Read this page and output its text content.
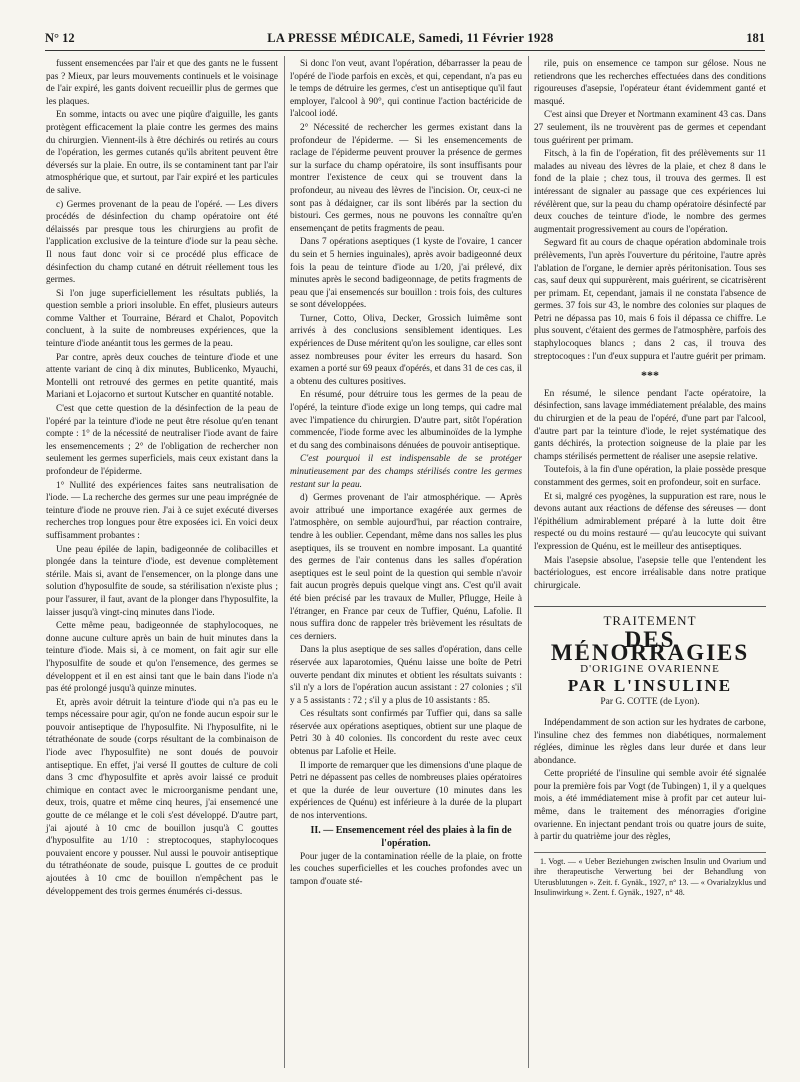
N° 12	LA PRESSE MÉDICALE, Samedi, 11 Février 1928	181

fussent ensemencées par l'air et que des gants ne le fussent pas ? Mieux, par leurs mouvements continuels et le voisinage de l'air expiré, les gants doivent recueillir plus de germes que les plaques.

En somme, intacts ou avec une piqûre d'aiguille, les gants protègent efficacement la plaie contre les germes des mains du chirurgien. Viennent-ils à être déchirés ou retirés au cours de l'opération, les germes cutanés qu'ils abritent peuvent être déversés sur la plaie. En outre, ils se contaminent tant par l'air atmosphérique que, et surtout, par l'air expiré et les particules de salive.

c) Germes provenant de la peau de l'opéré. — Les divers procédés de désinfection du champ opératoire ont été délaissés par presque tous les chirurgiens au profit de l'application exclusive de la teinture d'iode sur la peau sèche. Il nous faut donc voir si ce procédé plus efficace de désinfection du champ cutané en détruit réellement tous les germes.

Si l'on juge superficiellement les résultats publiés, la question semble a priori insoluble. En effet, plusieurs auteurs comme Valther et Tourraine, Bérard et Chalot, Popovitch concluent, à la suite de nombreuses expériences, que la teinture d'iode anéantit tous les germes de la peau.

Par contre, après deux couches de teinture d'iode et une attente variant de cinq à dix minutes, Bublicenko, Myauchi, Montelli ont retrouvé des germes en petite quantité, mais Mariani et Lojacorno et surtout Kutscher en quantité notable.

C'est que cette question de la désinfection de la peau de l'opéré par la teinture d'iode ne peut être résolue qu'en tenant compte : 1° de la nécessité de neutraliser l'iode avant de faire les ensemencements ; 2° de l'obligation de rechercher non seulement les germes superficiels, mais ceux existant dans la profondeur de l'épiderme.

1° Nullité des expériences faites sans neutralisation de l'iode. — La recherche des germes sur une peau imprégnée de teinture d'iode ne prouve rien. J'ai à ce sujet exécuté diverses recherches trop longues pour être exposées ici. En voici deux suffisamment probantes :

Une peau épilée de lapin, badigeonnée de colibacilles et plongée dans la teinture d'iode, est devenue complètement stérile. Mais si, avant de l'ensemencer, on la plonge dans une solution d'hyposulfite de soude, sa stérilisation n'existe plus ; pour l'assurer, il faut, avant de la plonger dans l'hyposulfite, la laisser jusqu'à vingt-cinq minutes dans l'iode.

Cette même peau, badigeonnée de staphylocoques, ne donne aucune culture après un bain de huit minutes dans la teinture d'iode. Mais si, à ce moment, on fait agir sur elle l'hyposulfite de soude et qu'on l'ensemence, des germes se développent et il en est ainsi tant que le bain dans l'iode n'a pas été prolongé jusqu'à quinze minutes.

Et, après avoir détruit la teinture d'iode qui n'a pas eu le temps nécessaire pour agir, qu'on ne fonde aucun espoir sur le pouvoir antiseptique de l'hyposulfite. Ni l'hyposulfite, ni le tétrathéonate de soude (corps résultant de la combinaison de l'iode avec l'hyposulfite) ne sont doués de pouvoir antiseptique. En effet, j'ai versé II gouttes de culture de coli dans 3 cmc d'hyposulfite et après avoir laissé ce produit chimique en contact avec le microorganisme pendant une, deux, trois, quatre et même cinq heures, j'ai ensemencé une goutte de ce mélange et le coli s'est développé. D'autre part, j'ai ajouté à 10 cmc de bouillon jusqu'à C gouttes d'hyposulfite au 1/10 : streptocoques, staphylocoques pouvaient encore y pousser. Nul aussi le pouvoir antiseptique du tétrathéonate de soude, puisque L gouttes de ce produit ajoutées à 10 cmc de bouillon n'empêchent pas le développement des trois germes énumérés ci-dessus.

Si donc l'on veut, avant l'opération, débarrasser la peau de l'opéré de l'iode parfois en excès, et qui, cependant, n'a pas eu le temps de détruire les germes, c'est un antiseptique qu'il faut employer, l'alcool à 90°, qui continue l'action bactéricide de l'alcool iodé.

2° Nécessité de rechercher les germes existant dans la profondeur de l'épiderme. — Si les ensemencements de raclage de l'épiderme peuvent prouver la présence de germes sur la surface du champ opératoire, ils sont insuffisants pour montrer l'existence de ceux qui se trouvent dans la profondeur, au niveau des lèvres de l'incision. Or, ceux-ci ne sont pas à dédaigner, car ils sont libérés par la section du bistouri. Ces germes, nous ne pouvons les connaître qu'en ensemençant de petits fragments de peau.

Dans 7 opérations aseptiques (1 kyste de l'ovaire, 1 cancer du sein et 5 hernies inguinales), après avoir badigeonné deux fois la peau de teinture d'iode au 1/20, j'ai prélevé, dix minutes après le second badigeonnage, de petits fragments de peau que j'ai ensemencés sur bouillon : trois fois, des cultures se sont développées.

Turner, Cotto, Oliva, Decker, Grossich luimême sont arrivés à des conclusions sensiblement identiques. Les expériences de Duse méritent qu'on les souligne, car elles sont assez nombreuses pour éviter les erreurs du hasard. Son examen a porté sur 69 peaux d'opérés, et dans 31 de ces cas, il a obtenu des cultures positives.

En résumé, pour détruire tous les germes de la peau de l'opéré, la teinture d'iode exige un long temps, qui cadre mal avec l'impatience du chirurgien. D'autre part, sitôt l'opération commencée, l'iode forme avec les albuminoïdes de la lymphe et du sang des combinaisons dénuées de pouvoir antiseptique.

C'est pourquoi il est indispensable de se protéger minutieusement par des champs stérilisés contre les germes restant sur la peau.

d) Germes provenant de l'air atmosphérique. — Après avoir attribué une importance exagérée aux germes de l'atmosphère, on semble aujourd'hui, par réaction contraire, tendre à les oublier. Cependant, même dans nos salles les plus aseptiques, ils se trouvent en nombre imposant. La quantité des germes de l'air contenus dans les salles d'opération aseptiques est le seul point de la question qui semble n'avoir fait aucun progrès depuis quelque vingt ans. C'est qu'il avait été bien précisé par les travaux de Muller, Pflugge, Heile à l'étranger, en France par ceux de Tuffier, Quénu, Lafolie. Il nous suffira donc de rappeler très brièvement les résultats de ces derniers.

Dans la plus aseptique de ses salles d'opération, dans celle réservée aux laparotomies, Quénu laisse une boîte de Petri ouverte pendant dix minutes et obtient les résultats suivants : s'il n'y a lors de l'opération aucun assistant : 27 colonies ; s'il y a 5 assistants : 72 ; s'il y a plus de 10 assistants : 85.

Ces résultats sont confirmés par Tuffier qui, dans sa salle réservée aux opérations aseptiques, obtient sur une plaque de Petri 30 à 40 colonies. Ils concordent du reste avec ceux obtenus par Lafolie et Heile.

Il importe de remarquer que les dimensions d'une plaque de Petri ne dépassent pas celles de nombreuses plaies opératoires et que la durée de leur ouverture (10 minutes dans les expériences de Quénu) est inférieure à la durée de la plupart de nos interventions.

II. — Ensemencement réel des plaies à la fin de l'opération.

Pour juger de la contamination réelle de la plaie, on frotte les couches superficielles et les couches profondes avec un tampon d'ouate sté-

rile, puis on ensemence ce tampon sur gélose. Nous ne retiendrons que les recherches effectuées dans des conditions rigoureuses d'asepsie, l'opérateur étant évidemment ganté et masqué.

C'est ainsi que Dreyer et Nortmann examinent 43 cas. Dans 27 seulement, ils ne trouvèrent pas de germes et cependant tous guérirent per primam.

Fitsch, à la fin de l'opération, fit des prélèvements sur 11 malades au niveau des lèvres de la plaie, et chez 8 dans le fond de la plaie ; chez tous, il trouva des germes. Il est intéressant de signaler au passage que ces expériences lui révélèrent que, sur la peau du champ opératoire désinfecté par deux couches de teinture d'iode, le nombre des germes augmentait progressivement au cours de l'opération.

Segward fit au cours de chaque opération abdominale trois prélèvements, l'un après l'ouverture du péritoine, l'autre après l'ablation de l'organe, le dernier après péritonisation. Tous ses cas, sauf deux qui suppurèrent, mais guérirent, se cicatrisèrent per primam. Et, cependant, jamais il ne constata l'absence de germes. 37 fois sur 43, le nombre des colonies sur plaques de Petri ne dépassa pas 10, mais 6 fois il dépassa ce chiffre. Le plus souvent, c'étaient des germes de l'atmosphère, parfois des staphylocoques blancs ; dans 2 cas, il trouva des streptocoques : l'un d'eux suppura et l'autre guérit per primam.

***

En résumé, le silence pendant l'acte opératoire, la désinfection, sans lavage immédiatement préalable, des mains du chirurgien et de la peau de l'opéré, d'une part par l'alcool, d'autre part par la teinture d'iode, le rejet systématique des gants déchirés, la protection soigneuse de la plaie par les champs stérilisés permettent de réaliser une asepsie relative.

Toutefois, à la fin d'une opération, la plaie possède presque constamment des germes, soit en profondeur, soit en surface.

Et si, malgré ces pyogènes, la suppuration est rare, nous le devons autant aux réactions de défense des séreuses — dont l'épithélium admirablement préparé à la lutte doit être respecté ou du moins restauré — qu'au leucocyte qui suivant l'expression de Quénu, est le meilleur des antiseptiques.

Mais l'asepsie absolue, l'asepsie telle que l'entendent les bactériologues, est encore irréalisable dans notre pratique chirurgicale.

TRAITEMENT
DES MÉNORRAGIES
D'ORIGINE OVARIENNE
PAR L'INSULINE
Par G. COTTE (de Lyon).

Indépendamment de son action sur les hydrates de carbone, l'insuline chez des femmes non diabétiques, normalement réglées, diminue les règles dans leur durée et dans leur abondance.

Cette propriété de l'insuline qui semble avoir été signalée pour la première fois par Vogt (de Tubingen) 1, il y a quelques mois, a été immédiatement mise à profit par cet auteur lui-même, dans le traitement des ménorragies d'origine ovarienne. En injectant pendant trois ou quatre jours de suite, à partir du quatrième jour des règles,

1. Vogt. — « Ueber Beziehungen zwischen Insulin und Ovarium und ihre therapeutische Verwertung bei der Behandlung von Uterusblutungen ». Zeit. f. Gynäk., 1927, n° 13. — « Ovarialzyklus und Insulinwirkung ». Zent. f. Gynäk., 1927, n° 48.
